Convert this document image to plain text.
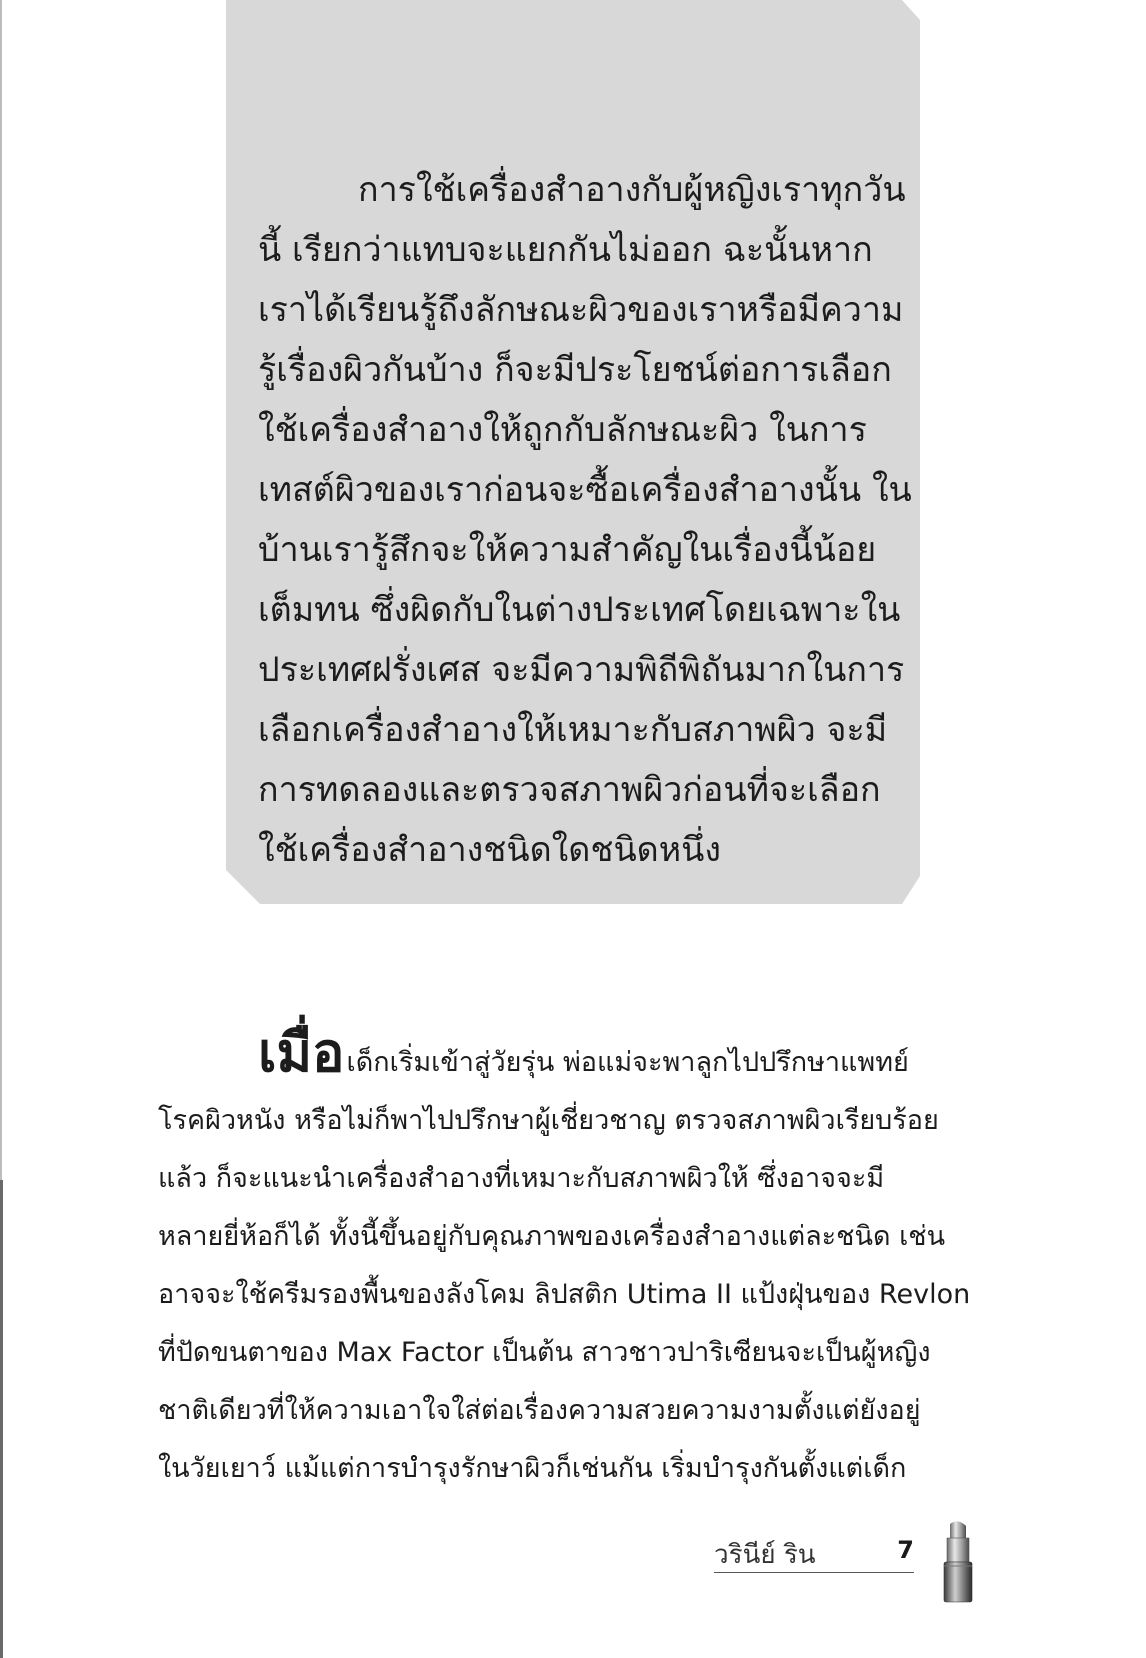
การใช้เครื่องสำอางกับผู้หญิงเราทุกวัน
นี้ เรียกว่าแทบจะแยกกันไม่ออก ฉะนั้นหาก
เราได้เรียนรู้ถึงลักษณะผิวของเราหรือมีความ
รู้เรื่องผิวกันบ้าง ก็จะมีประโยชน์ต่อการเลือก
ใช้เครื่องสำอางให้ถูกกับลักษณะผิว ในการ
เทสต์ผิวของเราก่อนจะซื้อเครื่องสำอางนั้น ใน
บ้านเรารู้สึกจะให้ความสำคัญในเรื่องนี้น้อย
เต็มทน ซึ่งผิดกับในต่างประเทศโดยเฉพาะใน
ประเทศฝรั่งเศส จะมีความพิถีพิถันมากในการ
เลือกเครื่องสำอางให้เหมาะกับสภาพผิว จะมี
การทดลองและตรวจสภาพผิวก่อนที่จะเลือก
ใช้เครื่องสำอางชนิดใดชนิดหนึ่ง
เมื่อเด็กเริ่มเข้าสู่วัยรุ่น พ่อแม่จะพาลูกไปปรึกษาแพทย์
โรคผิวหนัง หรือไม่ก็พาไปปรึกษาผู้เชี่ยวชาญ ตรวจสภาพผิวเรียบร้อย
แล้ว ก็จะแนะนำเครื่องสำอางที่เหมาะกับสภาพผิวให้ ซึ่งอาจจะมี
หลายยี่ห้อก็ได้ ทั้งนี้ขึ้นอยู่กับคุณภาพของเครื่องสำอางแต่ละชนิด เช่น
อาจจะใช้ครีมรองพื้นของลังโคม ลิปสติก Utima II แป้งฝุ่นของ Revlon
ที่ปัดขนตาของ Max Factor เป็นต้น สาวชาวปาริเซียนจะเป็นผู้หญิง
ชาติเดียวที่ให้ความเอาใจใส่ต่อเรื่องความสวยความงามตั้งแต่ยังอยู่
ในวัยเยาว์ แม้แต่การบำรุงรักษาผิวก็เช่นกัน เริ่มบำรุงกันตั้งแต่เด็ก
วรินีย์ ริน	7
